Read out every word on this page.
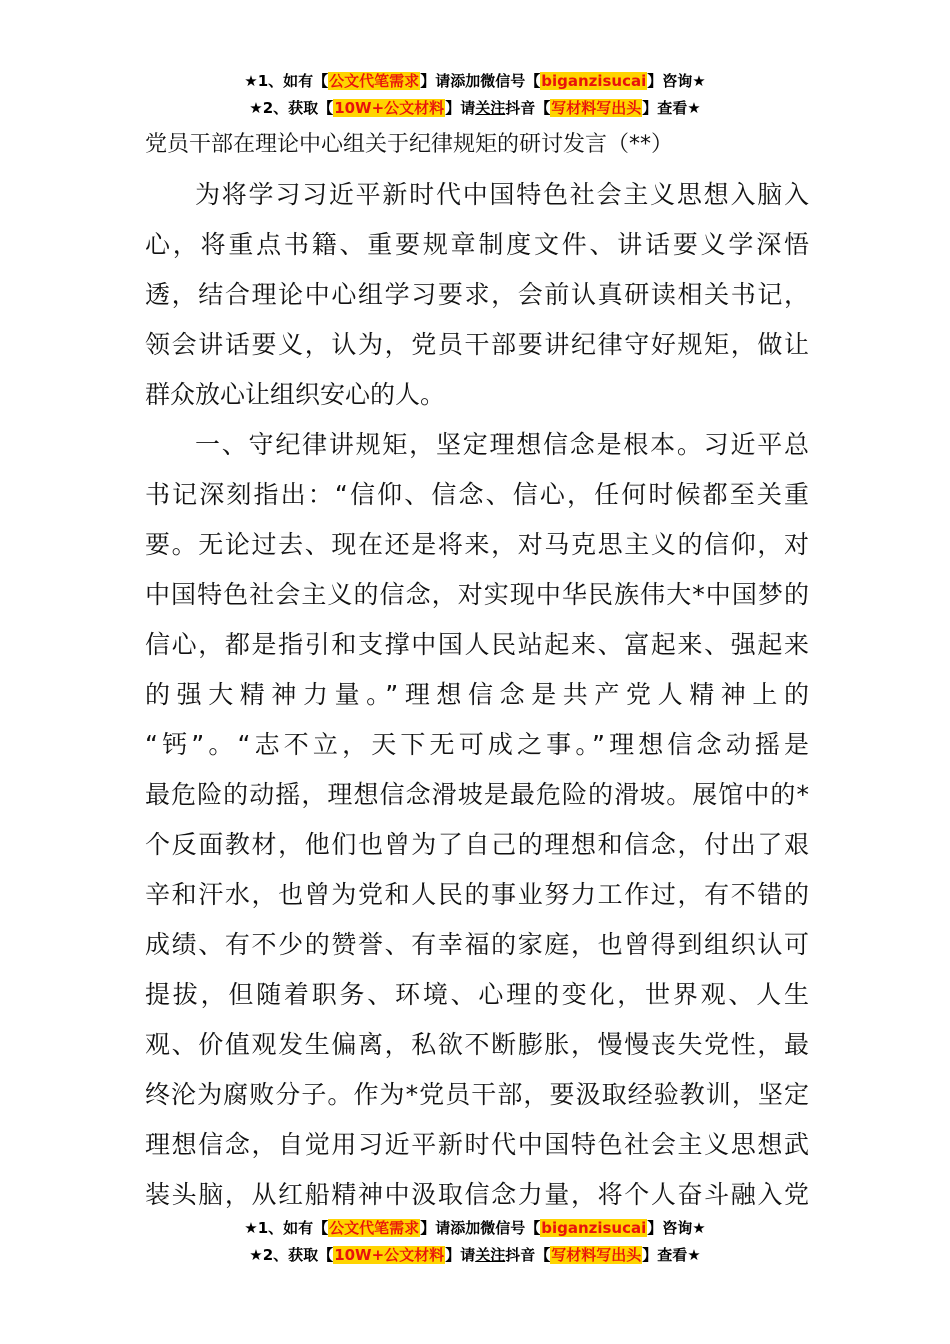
★1、如有【公文代笔需求】请添加微信号【biganzisucai】咨询★
★2、获取【10W+公文材料】请关注抖音【写材料写出头】查看★
党员干部在理论中心组关于纪律规矩的研讨发言（**）
为将学习习近平新时代中国特色社会主义思想入脑入
心，将重点书籍、重要规章制度文件、讲话要义学深悟
透，结合理论中心组学习要求，会前认真研读相关书记，
领会讲话要义，认为，党员干部要讲纪律守好规矩，做让
群众放心让组织安心的人。
一、守纪律讲规矩，坚定理想信念是根本。习近平总
书记深刻指出：“信仰、信念、信心，任何时候都至关重
要。无论过去、现在还是将来，对马克思主义的信仰，对
中国特色社会主义的信念，对实现中华民族伟大*中国梦的
信心，都是指引和支撑中国人民站起来、富起来、强起来
的强大精神力量。”理想信念是共产党人精神上的
“钙”。“志不立，天下无可成之事。”理想信念动摇是
最危险的动摇，理想信念滑坡是最危险的滑坡。展馆中的*
个反面教材，他们也曾为了自己的理想和信念，付出了艰
辛和汗水，也曾为党和人民的事业努力工作过，有不错的
成绩、有不少的赞誉、有幸福的家庭，也曾得到组织认可
提拔，但随着职务、环境、心理的变化，世界观、人生
观、价值观发生偏离，私欲不断膨胀，慢慢丧失党性，最
终沦为腐败分子。作为*党员干部，要汲取经验教训，坚定
理想信念，自觉用习近平新时代中国特色社会主义思想武
装头脑，从红船精神中汲取信念力量，将个人奋斗融入党
★1、如有【公文代笔需求】请添加微信号【biganzisucai】咨询★
★2、获取【10W+公文材料】请关注抖音【写材料写出头】查看★
